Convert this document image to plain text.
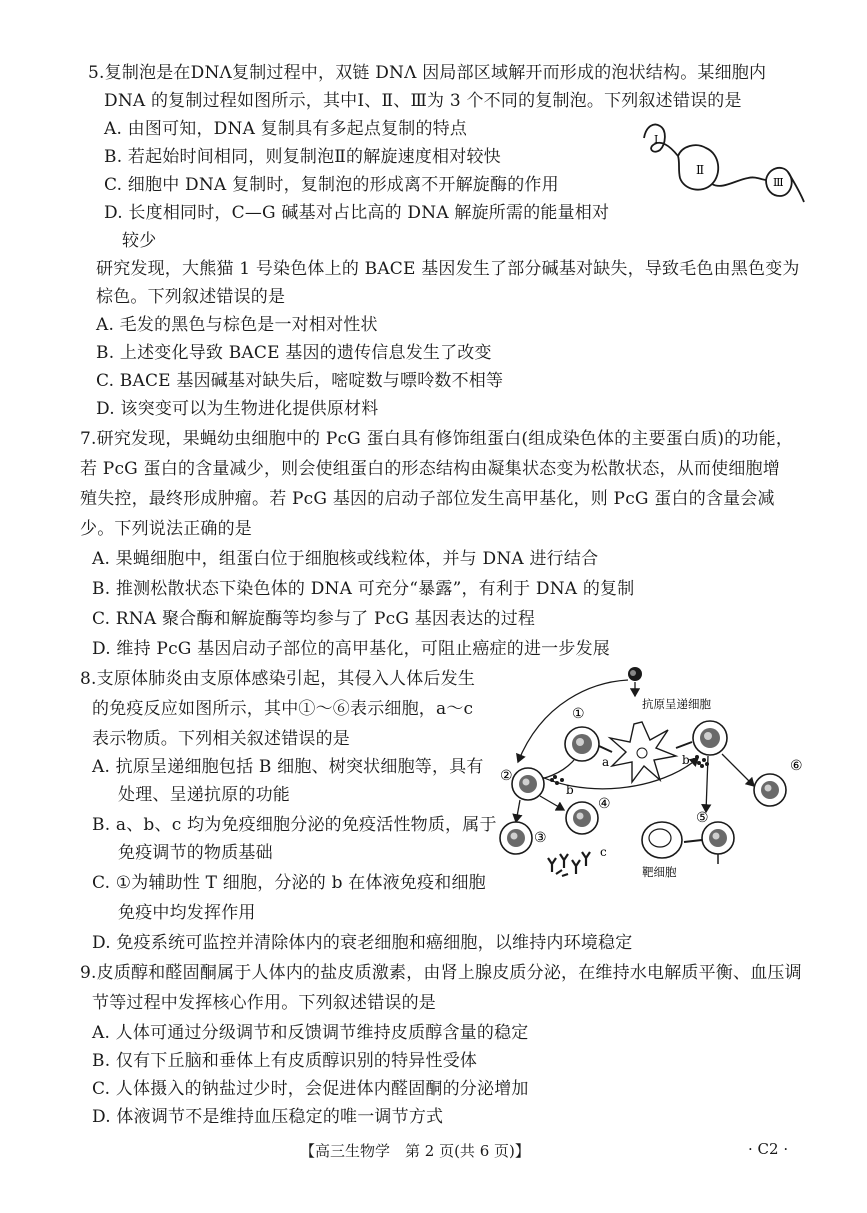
5.复制泡是在DNΛ复制过程中，双链 DNΛ 因局部区域解开而形成的泡状结构。某细胞内
DNA 的复制过程如图所示，其中Ⅰ、Ⅱ、Ⅲ为 3 个不同的复制泡。下列叙述错误的是
A. 由图可知，DNA 复制具有多起点复制的特点
B. 若起始时间相同，则复制泡Ⅱ的解旋速度相对较快
C. 细胞中 DNA 复制时，复制泡的形成离不开解旋酶的作用
D. 长度相同时，C—G 碱基对占比高的 DNA 解旋所需的能量相对
较少
Ⅰ
Ⅱ
Ⅲ
研究发现，大熊猫 1 号染色体上的 BACE 基因发生了部分碱基对缺失，导致毛色由黑色变为
棕色。下列叙述错误的是
A. 毛发的黑色与棕色是一对相对性状
B. 上述变化导致 BACE 基因的遗传信息发生了改变
C. BACE 基因碱基对缺失后，嘧啶数与嘌呤数不相等
D. 该突变可以为生物进化提供原材料
7.研究发现，果蝇幼虫细胞中的 PcG 蛋白具有修饰组蛋白(组成染色体的主要蛋白质)的功能，
若 PcG 蛋白的含量减少，则会使组蛋白的形态结构由凝集状态变为松散状态，从而使细胞增
殖失控，最终形成肿瘤。若 PcG 基因的启动子部位发生高甲基化，则 PcG 蛋白的含量会减
少。下列说法正确的是
A. 果蝇细胞中，组蛋白位于细胞核或线粒体，并与 DNA 进行结合
B. 推测松散状态下染色体的 DNA 可充分“暴露”，有利于 DNA 的复制
C. RNA 聚合酶和解旋酶等均参与了 PcG 基因表达的过程
D. 维持 PcG 基因启动子部位的高甲基化，可阻止癌症的进一步发展
8.支原体肺炎由支原体感染引起，其侵入人体后发生
的免疫反应如图所示，其中①～⑥表示细胞，a～c
表示物质。下列相关叙述错误的是
A. 抗原呈递细胞包括 B 细胞、树突状细胞等，具有
处理、呈递抗原的功能
B. a、b、c 均为免疫细胞分泌的免疫活性物质，属于
免疫调节的物质基础
C. ①为辅助性 T 细胞，分泌的 b 在体液免疫和细胞
免疫中均发挥作用
D. 免疫系统可监控并清除体内的衰老细胞和癌细胞，以维持内环境稳定
抗原呈递细胞
①
a	b
②
b
④
③
c
⑥
⑤
靶细胞
9.皮质醇和醛固酮属于人体内的盐皮质激素，由肾上腺皮质分泌，在维持水电解质平衡、血压调
节等过程中发挥核心作用。下列叙述错误的是
A. 人体可通过分级调节和反馈调节维持皮质醇含量的稳定
B. 仅有下丘脑和垂体上有皮质醇识别的特异性受体
C. 人体摄入的钠盐过少时，会促进体内醛固酮的分泌增加
D. 体液调节不是维持血压稳定的唯一调节方式
【高三生物学　第 2 页(共 6 页)】	· C2 ·
